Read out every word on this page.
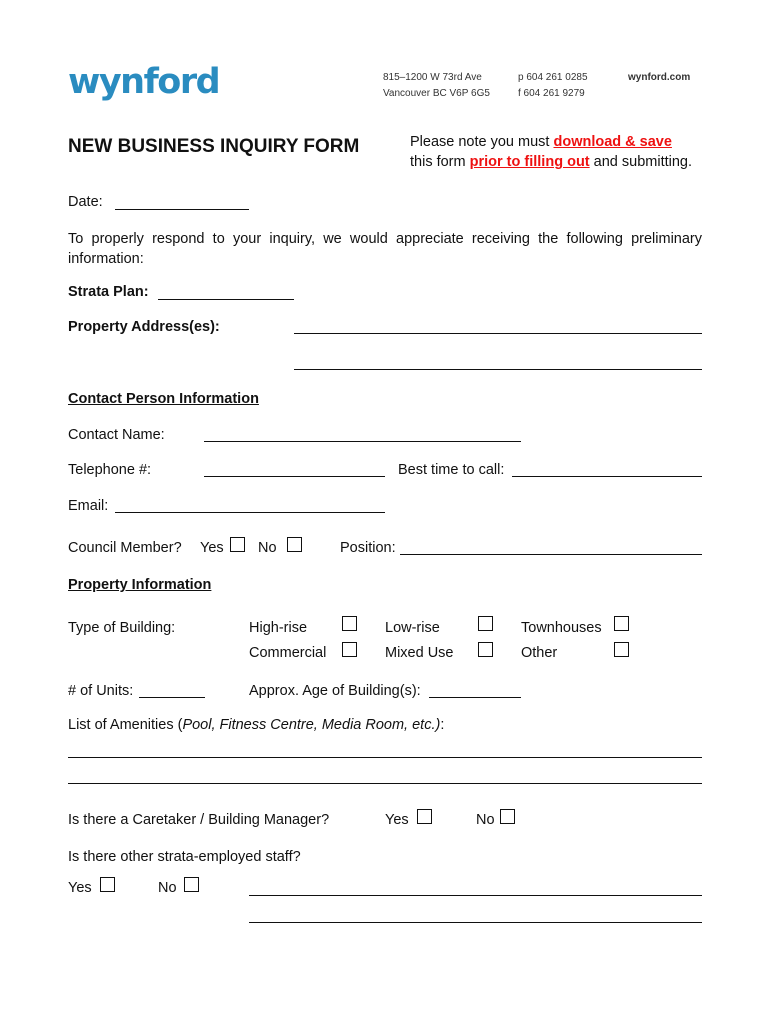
wynford	815–1200 W 73rd Ave
Vancouver BC V6P 6G5
p 604 261 0285
f 604 261 9279
wynford.com
NEW BUSINESS INQUIRY FORM	Please note you must download & save
this form prior to filling out and submitting.
Date:
To properly respond to your inquiry, we would appreciate receiving the following preliminary information:
Strata Plan:
Property Address(es):
Contact Person Information
Contact Name:
Telephone #:	Best time to call:
Email:
Council Member? Yes No	Position:
Property Information
Type of Building:	High-rise	Low-rise	Townhouses
Commercial	Mixed Use	Other
# of Units:	Approx. Age of Building(s):
List of Amenities (Pool, Fitness Centre, Media Room, etc.):
Is there a Caretaker / Building Manager?	Yes	No
Is there other strata-employed staff?
Yes	No
